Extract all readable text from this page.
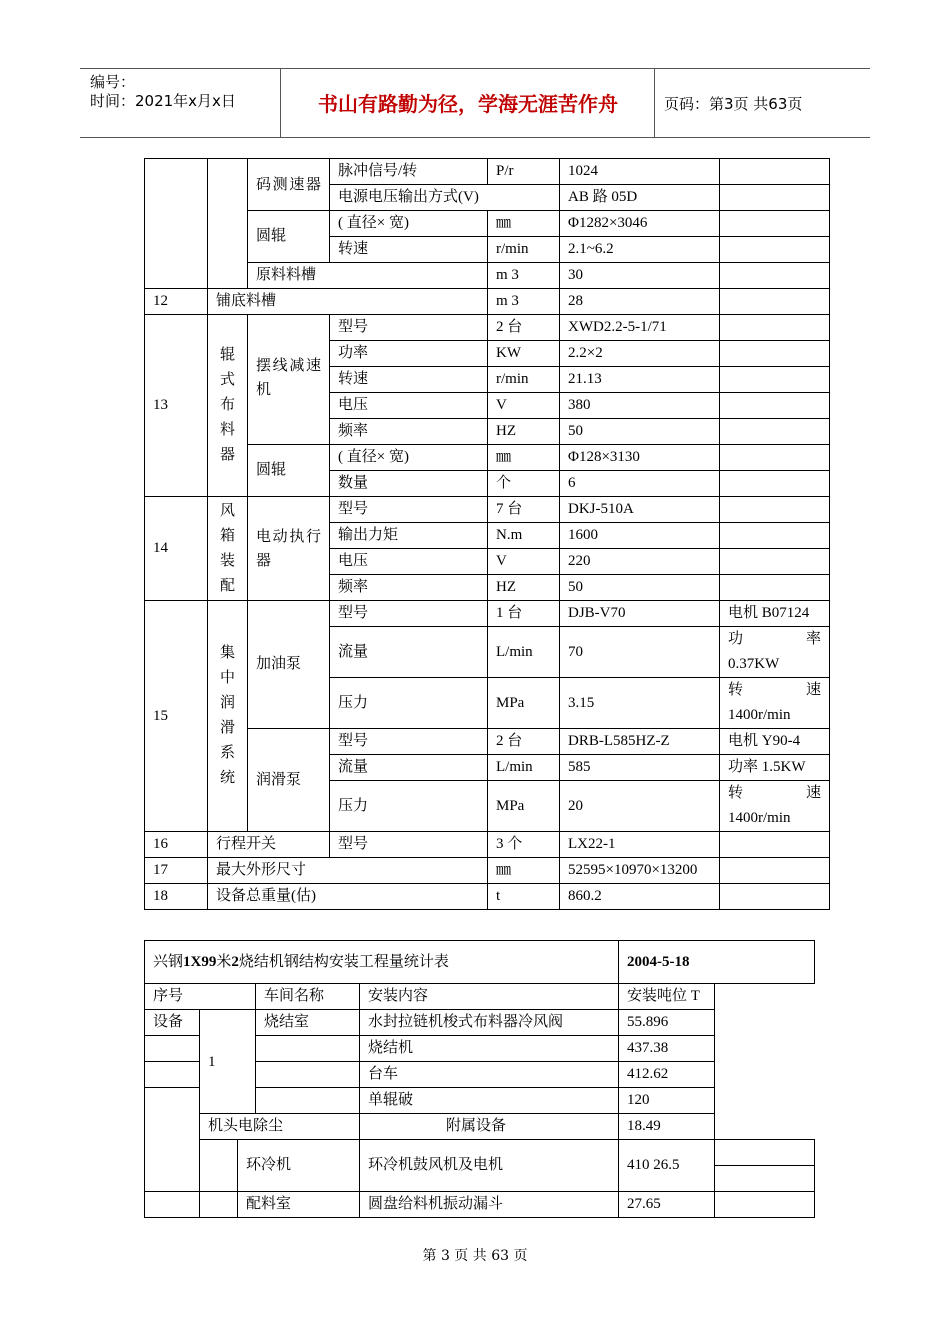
编号：
时间：2021年x月x日	书山有路勤为径，学海无涯苦作舟	页码：第3页 共63页
		码测速器	脉冲信号/转	P/r	1024	
			电源电压输出方式(V)		AB 路 05D	
		圆辊	( 直径× 宽)	㎜	Φ1282×3046	
			转速	r/min	2.1~6.2	
		原料料槽		m 3	30	
12	铺底料槽			m 3	28	
13	辊式布料器	摆线减速机	型号	2 台	XWD2.2-5-1/71	
			功率	KW	2.2×2	
			转速	r/min	21.13	
			电压	V	380	
			频率	HZ	50	
		圆辊	( 直径× 宽)	㎜	Φ128×3130	
			数量	个	6	
14	风箱装配	电动执行器	型号	7 台	DKJ-510A	
			输出力矩	N.m	1600	
			电压	V	220	
			频率	HZ	50	
15	集中润滑系统	加油泵	型号	1 台	DJB-V70	电机 B07124
			流量	L/min	70	功 率
0.37KW

			压力	MPa	3.15	转 速
1400r/min

		润滑泵	型号	2 台	DRB-L585HZ-Z	电机 Y90-4
			流量	L/min	585	功率 1.5KW
			压力	MPa	20	转 速
1400r/min

16	行程开关		型号	3 个	LX22-1	
17	最大外形尺寸			㎜	52595×10970×13200	
18	设备总重量(估)			t	860.2	
兴钢1X99米2烧结机钢结构安装工程量统计表					2004-5-18	
序号			车间名称	安装内容	安装吨位 T	
设备	1		烧结室	水封拉链机梭式布料器冷风阀	55.896	
				烧结机	437.38	
				台车	412.62	
				单辊破	120	
	机头电除尘			附属设备	18.49	
		环冷机		环冷机鼓风机及电机	410 26.5	

		配料室		圆盘给料机振动漏斗	27.65	
第 3 页 共 63 页
